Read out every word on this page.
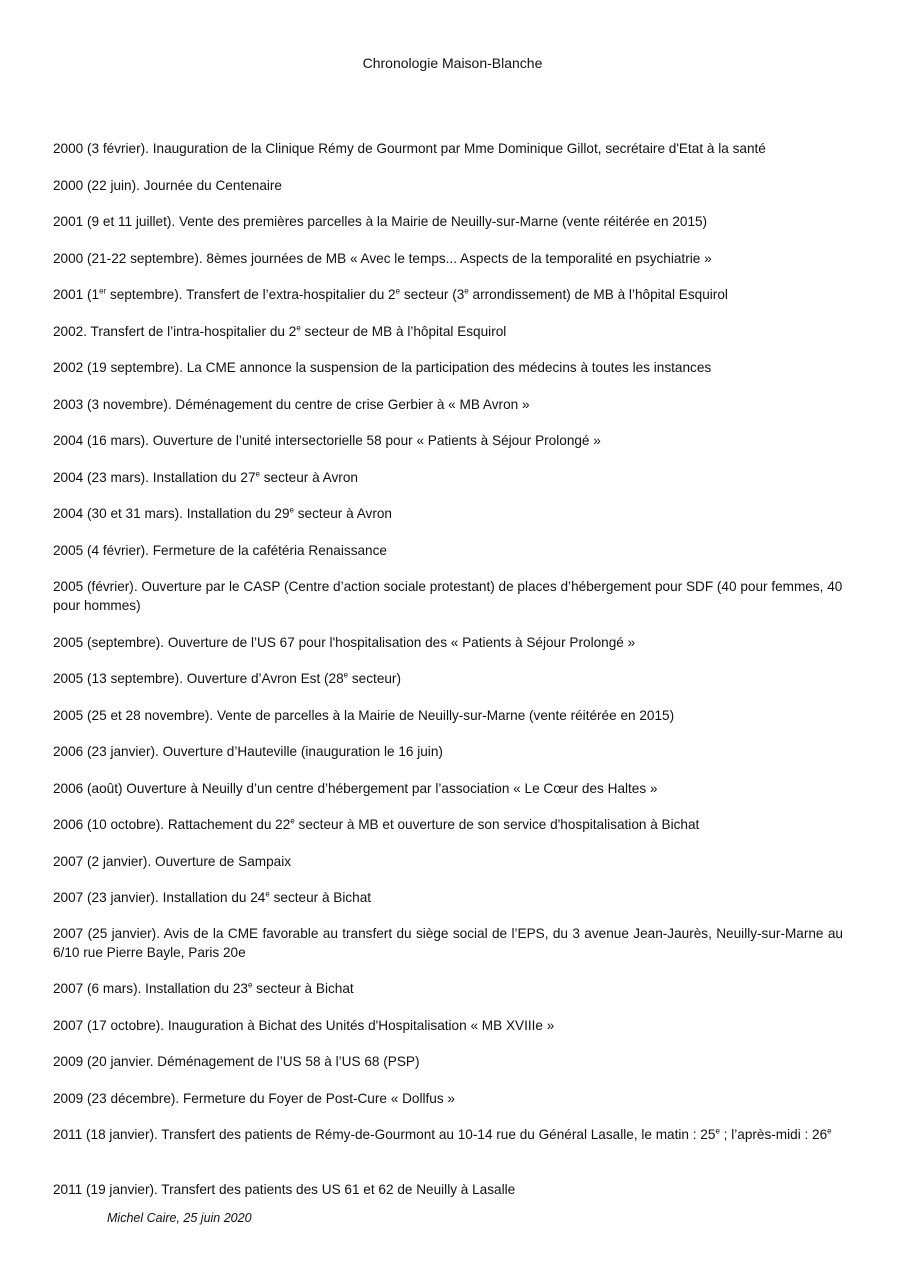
Chronologie Maison-Blanche

2000 (3 février). Inauguration de la Clinique Rémy de Gourmont par Mme Dominique Gillot, secrétaire d'Etat à la santé

2000 (22 juin). Journée du Centenaire

2001 (9 et 11 juillet). Vente des premières parcelles à la Mairie de Neuilly-sur-Marne (vente réitérée en 2015)

2000 (21-22 septembre). 8èmes journées de MB « Avec le temps... Aspects de la temporalité en psychiatrie »

2001 (1er septembre). Transfert de l’extra-hospitalier du 2e secteur (3e arrondissement) de MB à l’hôpital Esquirol

2002. Transfert de l’intra-hospitalier du 2e secteur de MB à l’hôpital Esquirol

2002 (19 septembre). La CME annonce la suspension de la participation des médecins à toutes les instances

2003 (3 novembre). Déménagement du centre de crise Gerbier à « MB Avron »

2004 (16 mars). Ouverture de l’unité intersectorielle 58 pour « Patients à Séjour Prolongé »

2004 (23 mars). Installation du 27e secteur à Avron

2004 (30 et 31 mars). Installation du 29e secteur à Avron

2005 (4 février). Fermeture de la cafétéria Renaissance

2005 (février). Ouverture par le CASP (Centre d’action sociale protestant) de places d’hébergement pour SDF (40 pour femmes, 40 pour hommes)

2005 (septembre). Ouverture de l’US 67 pour l'hospitalisation des « Patients à Séjour Prolongé »

2005 (13 septembre). Ouverture d’Avron Est (28e secteur)

2005 (25 et 28 novembre). Vente de parcelles à la Mairie de Neuilly-sur-Marne (vente réitérée en 2015)

2006 (23 janvier). Ouverture d’Hauteville (inauguration le 16 juin)

2006 (août) Ouverture à Neuilly d’un centre d’hébergement par l’association « Le Cœur des Haltes »

2006 (10 octobre). Rattachement du 22e secteur à MB et ouverture de son service d'hospitalisation à Bichat

2007 (2 janvier). Ouverture de Sampaix

2007 (23 janvier). Installation du 24e secteur à Bichat

2007 (25 janvier). Avis de la CME favorable au transfert du siège social de l’EPS, du 3 avenue Jean-Jaurès, Neuilly-sur-Marne au 6/10 rue Pierre Bayle, Paris 20e

2007 (6 mars). Installation du 23e secteur à Bichat

2007 (17 octobre). Inauguration à Bichat des Unités d'Hospitalisation « MB XVIIIe »

2009 (20 janvier. Déménagement de l’US 58 à l’US 68 (PSP)

2009 (23 décembre). Fermeture du Foyer de Post-Cure « Dollfus »

2011 (18 janvier). Transfert des patients de Rémy-de-Gourmont au 10-14 rue du Général Lasalle, le matin : 25e ; l’après-midi : 26e

2011 (19 janvier). Transfert des patients des US 61 et 62 de Neuilly à Lasalle

Michel Caire, 25 juin 2020
